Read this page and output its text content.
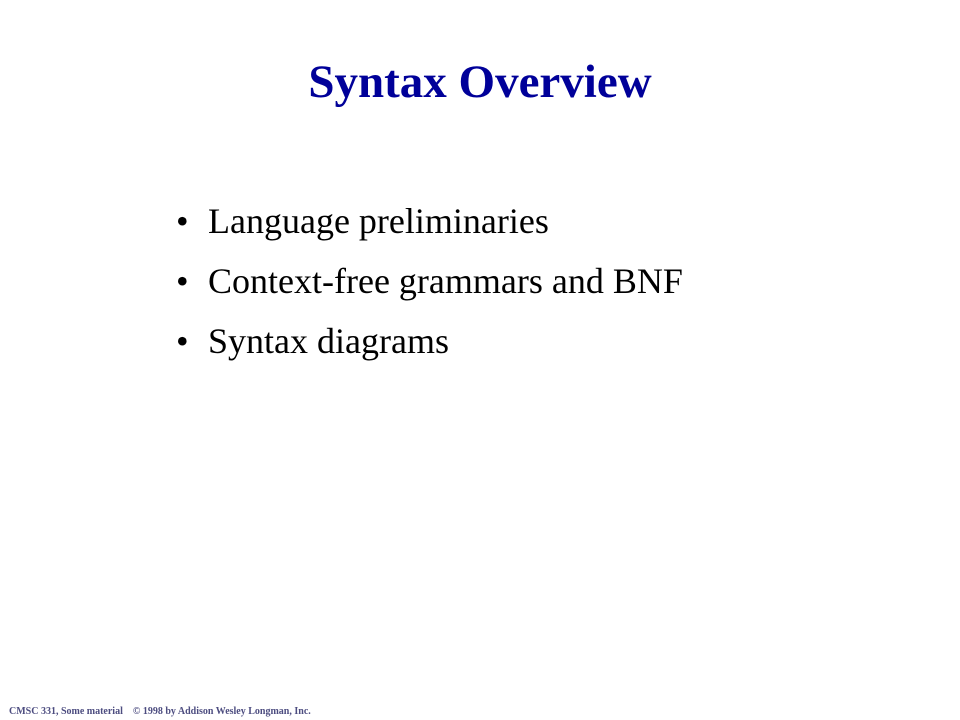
Syntax Overview
• Language preliminaries
• Context-free grammars and BNF
• Syntax diagrams
CMSC 331, Some material © 1998 by Addison Wesley Longman, Inc.
